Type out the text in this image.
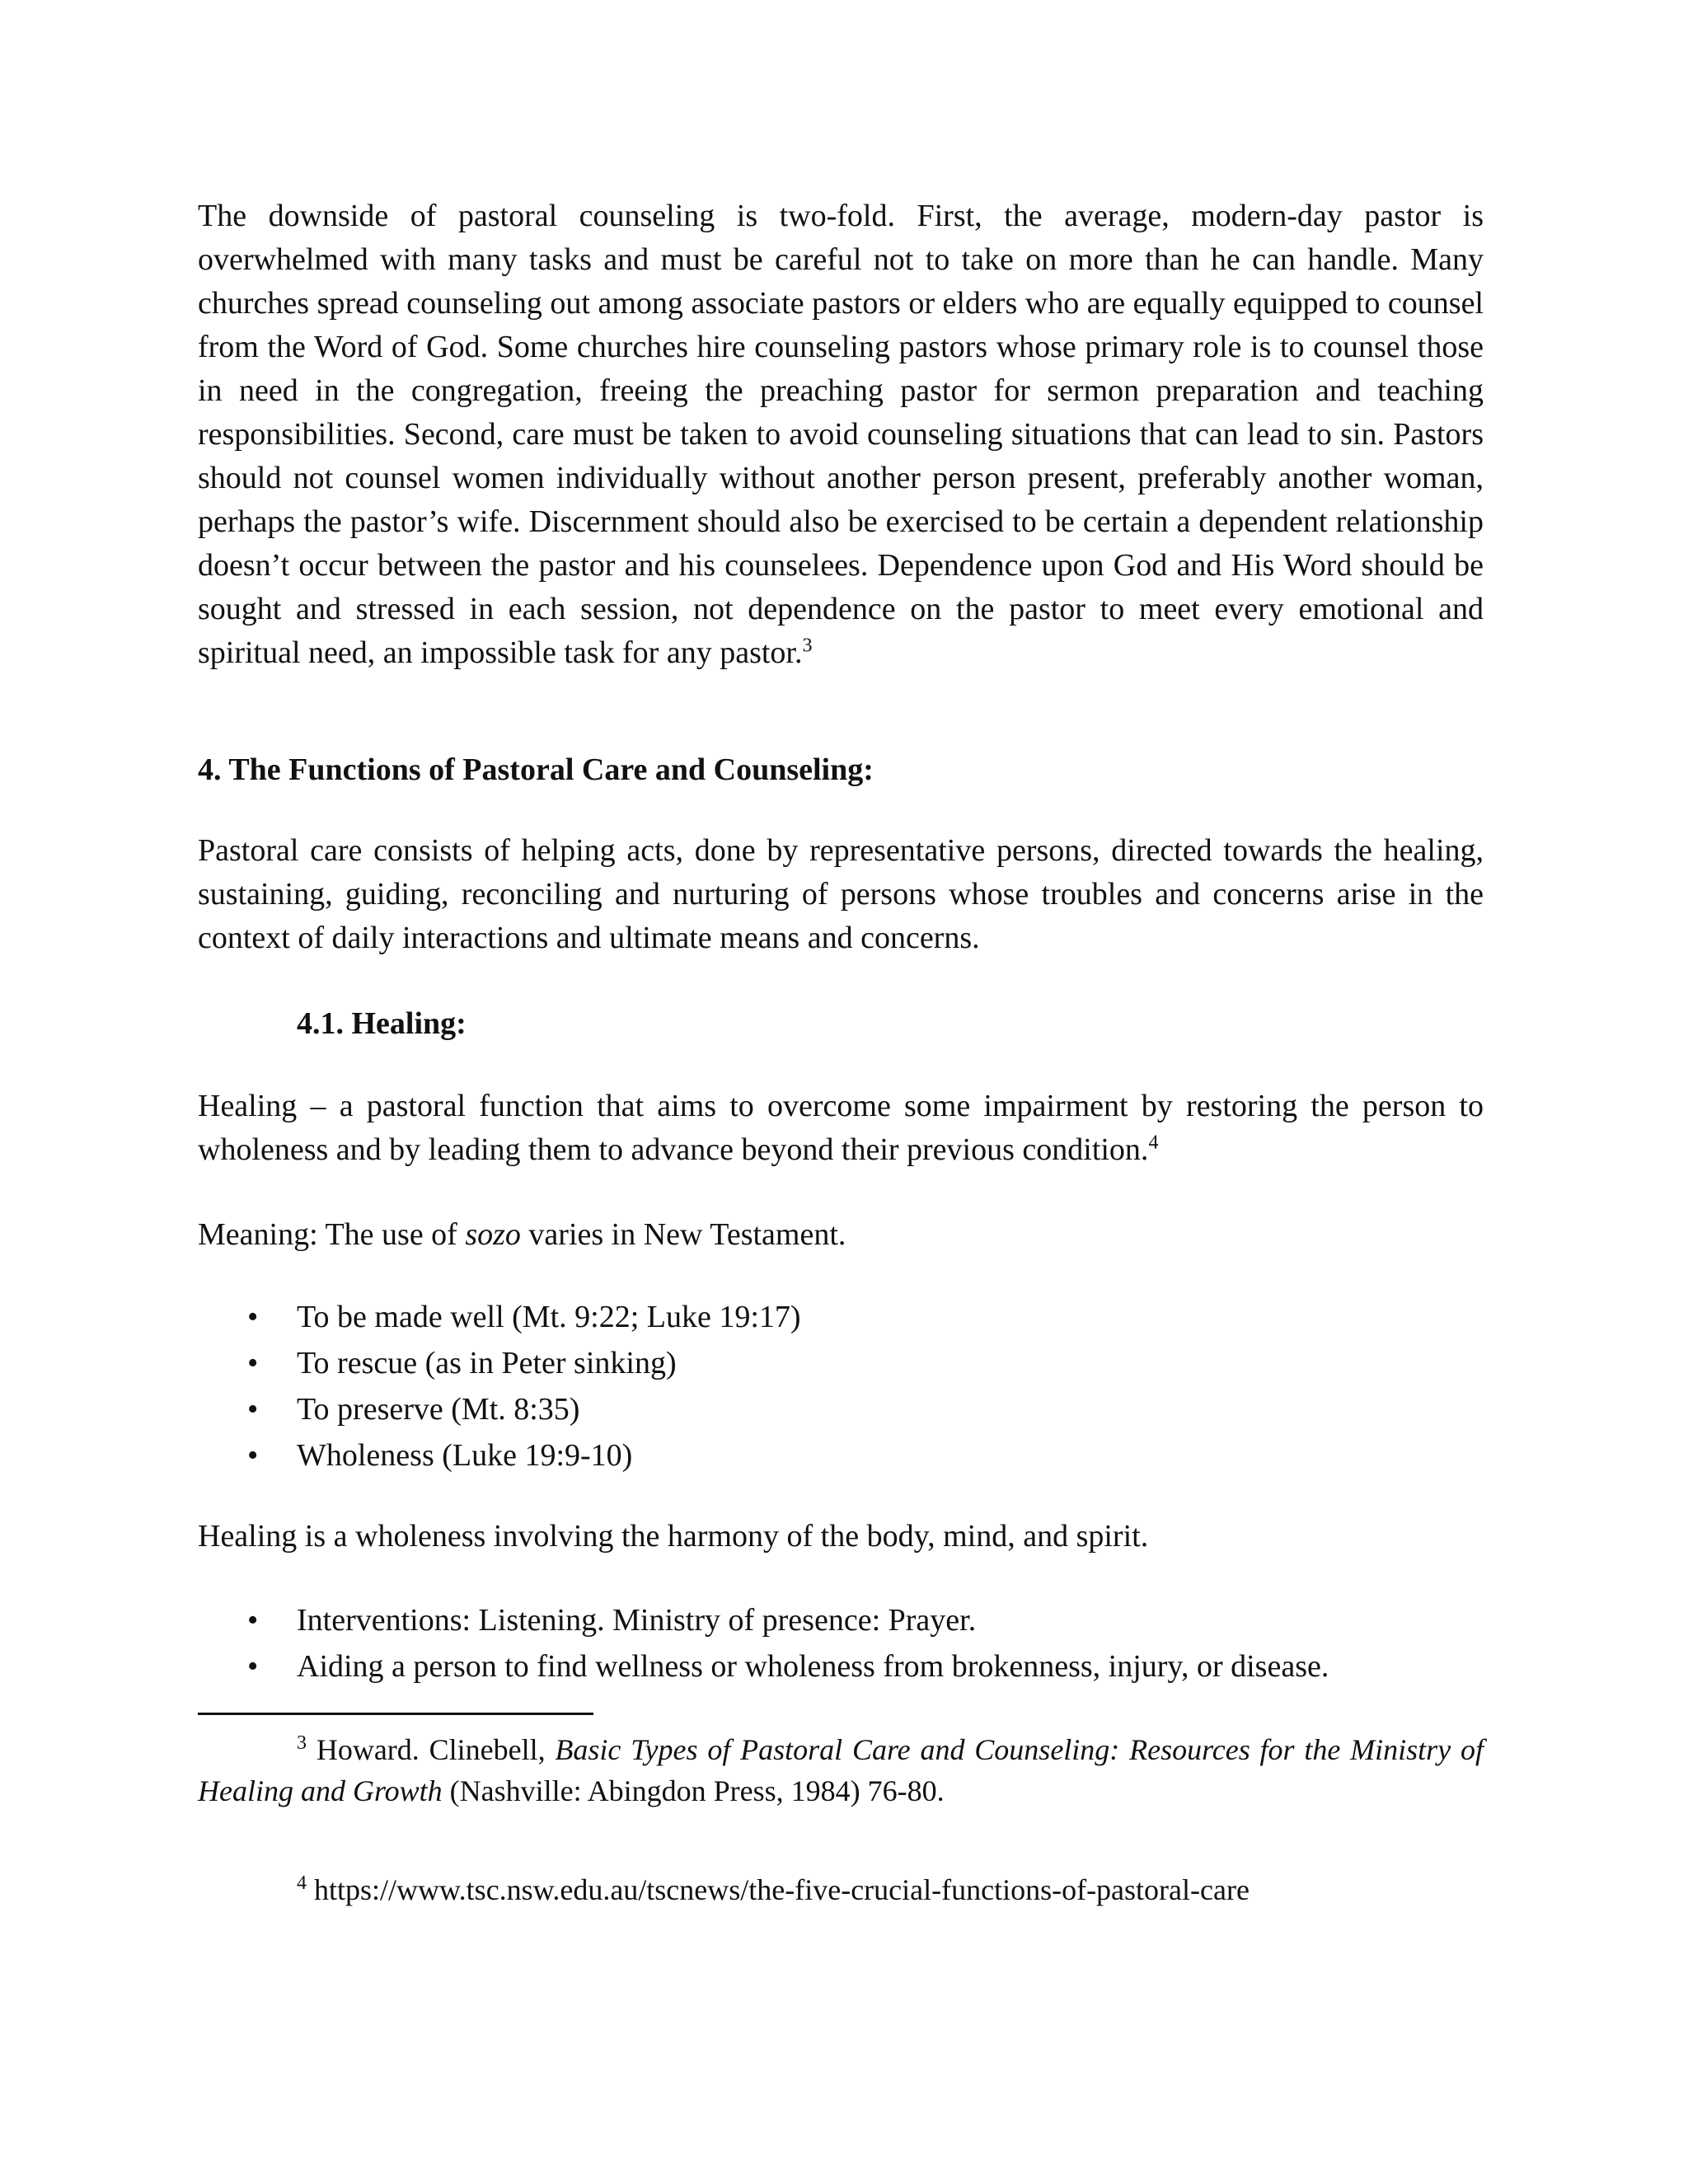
The downside of pastoral counseling is two-fold. First, the average, modern-day pastor is overwhelmed with many tasks and must be careful not to take on more than he can handle. Many churches spread counseling out among associate pastors or elders who are equally equipped to counsel from the Word of God. Some churches hire counseling pastors whose primary role is to counsel those in need in the congregation, freeing the preaching pastor for sermon preparation and teaching responsibilities. Second, care must be taken to avoid counseling situations that can lead to sin. Pastors should not counsel women individually without another person present, preferably another woman, perhaps the pastor’s wife. Discernment should also be exercised to be certain a dependent relationship doesn’t occur between the pastor and his counselees. Dependence upon God and His Word should be sought and stressed in each session, not dependence on the pastor to meet every emotional and spiritual need, an impossible task for any pastor.$^3$

4. The Functions of Pastoral Care and Counseling:

Pastoral care consists of helping acts, done by representative persons, directed towards the healing, sustaining, guiding, reconciling and nurturing of persons whose troubles and concerns arise in the context of daily interactions and ultimate means and concerns.

4.1. Healing:

Healing – a pastoral function that aims to overcome some impairment by restoring the person to wholeness and by leading them to advance beyond their previous condition.$^4$

Meaning: The use of sozo varies in New Testament.

• To be made well (Mt. 9:22; Luke 19:17)
• To rescue (as in Peter sinking)
• To preserve (Mt. 8:35)
• Wholeness (Luke 19:9-10)

Healing is a wholeness involving the harmony of the body, mind, and spirit.

• Interventions: Listening. Ministry of presence: Prayer.
• Aiding a person to find wellness or wholeness from brokenness, injury, or disease.

$^3$ Howard. Clinebell, Basic Types of Pastoral Care and Counseling: Resources for the Ministry of Healing and Growth (Nashville: Abingdon Press, 1984) 76-80.

$^4$ https://www.tsc.nsw.edu.au/tscnews/the-five-crucial-functions-of-pastoral-care
